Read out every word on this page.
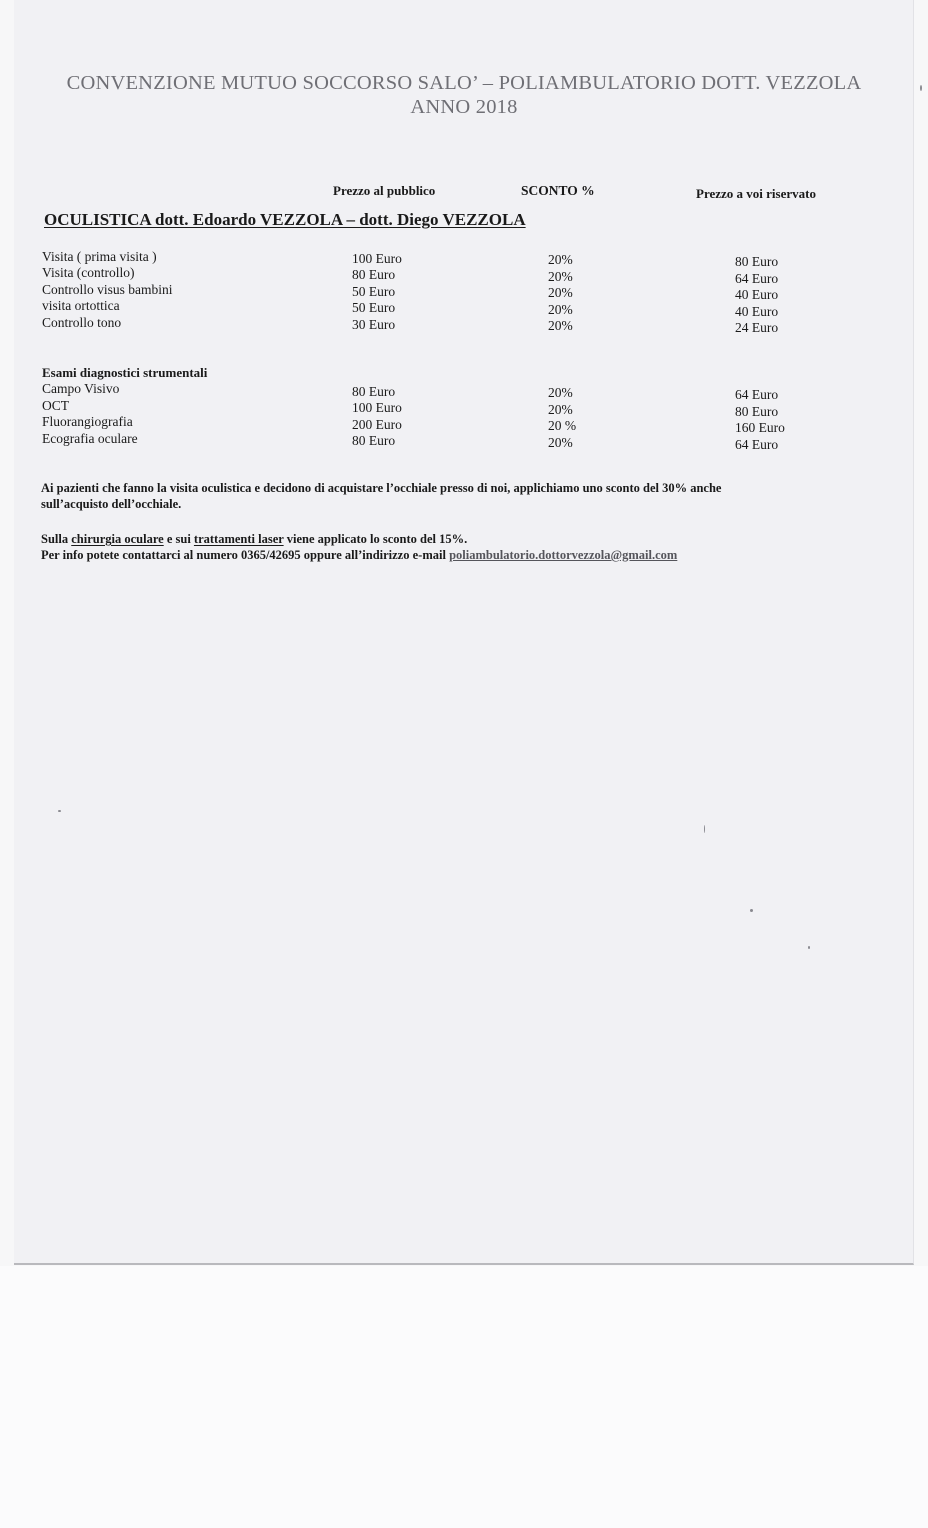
CONVENZIONE MUTUO SOCCORSO SALO’ – POLIAMBULATORIO DOTT. VEZZOLA
ANNO 2018
Prezzo al pubblico	SCONTO %	Prezzo a voi riservato
OCULISTICA dott. Edoardo VEZZOLA – dott. Diego VEZZOLA
Visita ( prima visita )	100 Euro	20%	80 Euro
Visita (controllo)	80 Euro	20%	64 Euro
Controllo visus bambini	50 Euro	20%	40 Euro
visita ortottica	50 Euro	20%	40 Euro
Controllo tono	30 Euro	20%	24 Euro
Esami diagnostici strumentali
Campo Visivo	80 Euro	20%	64 Euro
OCT	100 Euro	20%	80 Euro
Fluorangiografia	200 Euro	20 %	160 Euro
Ecografia oculare	80 Euro	20%	64 Euro
Ai pazienti che fanno la visita oculistica e decidono di acquistare l’occhiale presso di noi, applichiamo uno sconto del 30% anche
sull’acquisto dell’occhiale.
Sulla chirurgia oculare e sui trattamenti laser viene applicato lo sconto del 15%.
Per info potete contattarci al numero 0365/42695 oppure all’indirizzo e-mail poliambulatorio.dottorvezzola@gmail.com
